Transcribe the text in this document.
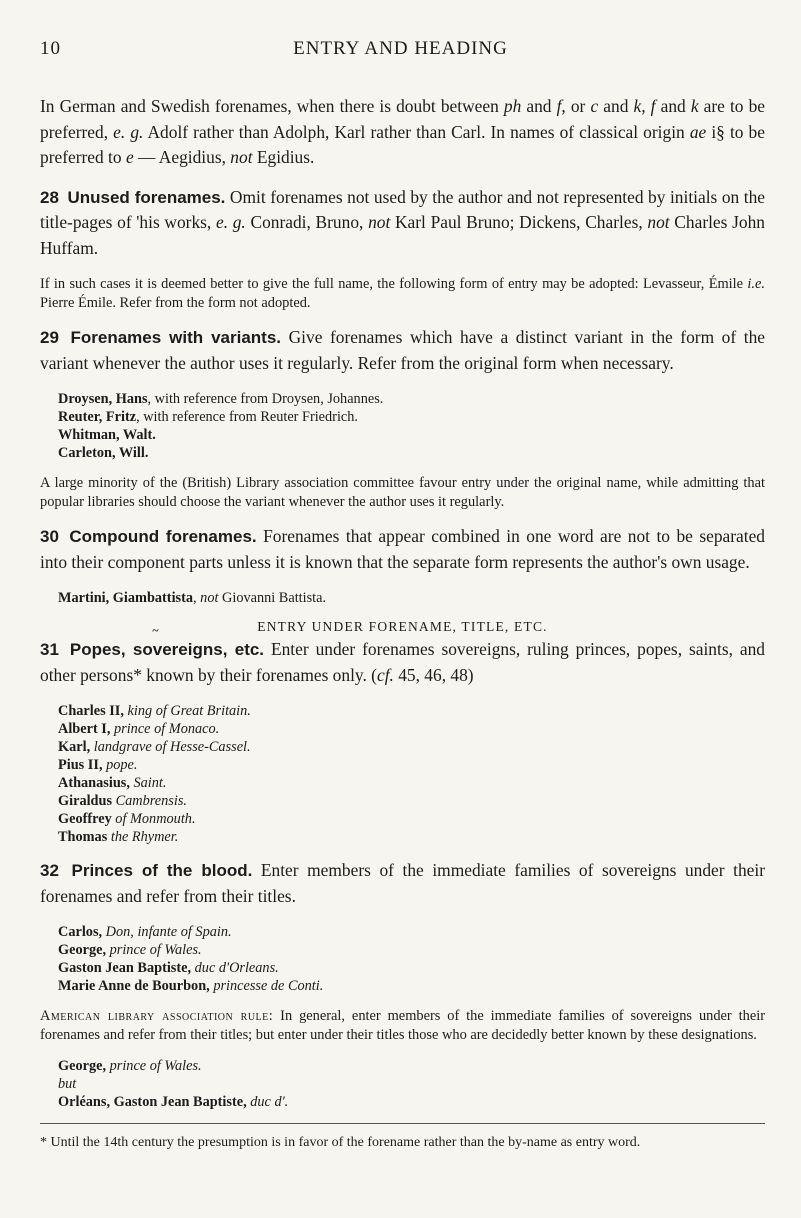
10	ENTRY AND HEADING

In German and Swedish forenames, when there is doubt between ph and f, or c and k, f and k are to be preferred, e. g. Adolf rather than Adolph, Karl rather than Carl. In names of classical origin ae i§ to be preferred to e — Aegidius, not Egidius.

28 Unused forenames. Omit forenames not used by the author and not represented by initials on the title-pages of 'his works, e. g. Conradi, Bruno, not Karl Paul Bruno; Dickens, Charles, not Charles John Huffam.

If in such cases it is deemed better to give the full name, the following form of entry may be adopted: Levasseur, Émile i.e. Pierre Émile. Refer from the form not adopted.

29 Forenames with variants. Give forenames which have a distinct variant in the form of the variant whenever the author uses it regularly. Refer from the original form when necessary.

Droysen, Hans, with reference from Droysen, Johannes.
Reuter, Fritz, with reference from Reuter Friedrich.
Whitman, Walt.
Carleton, Will.

A large minority of the (British) Library association committee favour entry under the original name, while admitting that popular libraries should choose the variant whenever the author uses it regularly.

30 Compound forenames. Forenames that appear combined in one word are not to be separated into their component parts unless it is known that the separate form represents the author's own usage.

Martini, Giambattista, not Giovanni Battista.
~	ENTRY UNDER FORENAME, TITLE, ETC.

31 Popes, sovereigns, etc. Enter under forenames sovereigns, ruling princes, popes, saints, and other persons* known by their forenames only. (cf. 45, 46, 48)

Charles II, king of Great Britain.
Albert I, prince of Monaco.
Karl, landgrave of Hesse-Cassel.
Pius II, pope.
Athanasius, Saint.
Giraldus Cambrensis.
Geoffrey of Monmouth.
Thomas the Rhymer.

32 Princes of the blood. Enter members of the immediate families of sovereigns under their forenames and refer from their titles.

Carlos, Don, infante of Spain.
George, prince of Wales.
Gaston Jean Baptiste, duc d'Orleans.
Marie Anne de Bourbon, princesse de Conti.

American library association rule: In general, enter members of the immediate families of sovereigns under their forenames and refer from their titles; but enter under their titles those who are decidedly better known by these designations.

George, prince of Wales.
but
Orléans, Gaston Jean Baptiste, duc d'.
* Until the 14th century the presumption is in favor of the forename rather than the by-name as entry word.
